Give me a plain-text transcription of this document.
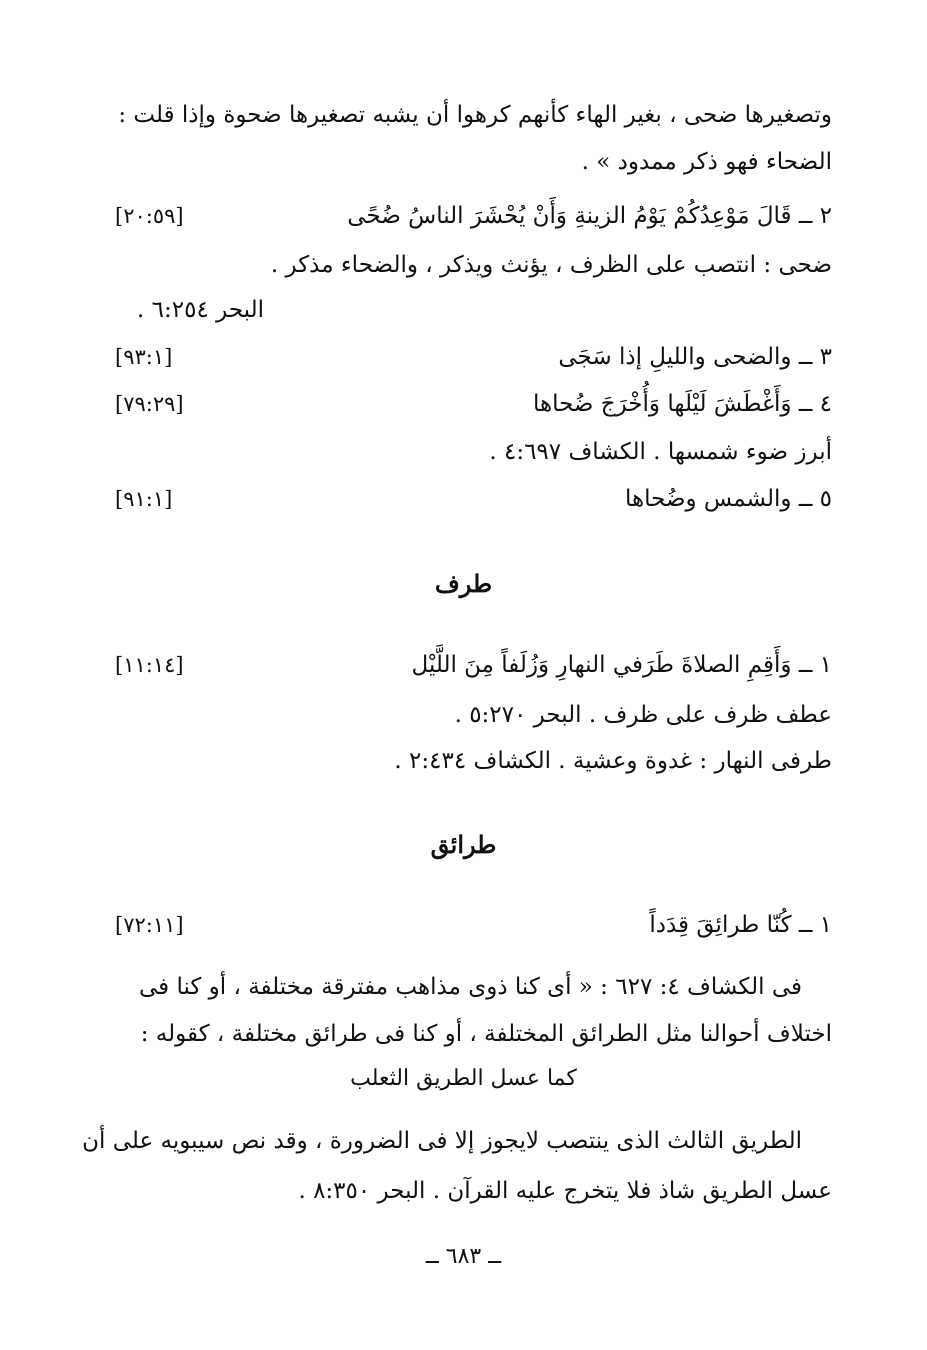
وتصغيرها ضحى ، بغير الهاء كأنهم كرهوا أن يشبه تصغيرها ضحوة وإذا قلت :
الضحاء فهو ذكر ممدود » .
٢ ــ قَالَ مَوْعِدُكُمْ يَوْمُ الزينةِ وَأَنْ يُحْشَرَ الناسُ ضُحًى
[٢٠:٥٩]
ضحى : انتصب على الظرف ، يؤنث ويذكر ، والضحاء مذكر .
البحر ٦:٢٥٤ .
٣ ــ والضحى والليلِ إذا سَجَى
[٩٣:١]
٤ ــ وَأَغْطَشَ لَيْلَها وَأُخْرَجَ ضُحاها
[٧٩:٢٩]
أبرز ضوء شمسها . الكشاف ٤:٦٩٧ .
٥ ــ والشمس وضُحاها
[٩١:١]
طرف
١ ــ وَأَقِمِ الصلاةَ طَرَفي النهارِ وَزُلَفاً مِنَ اللَّيْل
[١١:١٤]
عطف ظرف على ظرف . البحر ٥:٢٧٠ .
طرفى النهار : غدوة وعشية . الكشاف ٢:٤٣٤ .
طرائق
١ ــ كُنّا طرائِقَ قِدَداً
[٧٢:١١]
فى الكشاف ٤: ٦٢٧ : « أى كنا ذوى مذاهب مفترقة مختلفة ، أو كنا فى
اختلاف أحوالنا مثل الطرائق المختلفة ، أو كنا فى طرائق مختلفة ، كقوله :
كما عسل الطريق الثعلب
الطريق الثالث الذى ينتصب لايجوز إلا فى الضرورة ، وقد نص سيبويه على أن
عسل الطريق شاذ فلا يتخرج عليه القرآن . البحر ٨:٣٥٠ .
ــ ٦٨٣ ــ
